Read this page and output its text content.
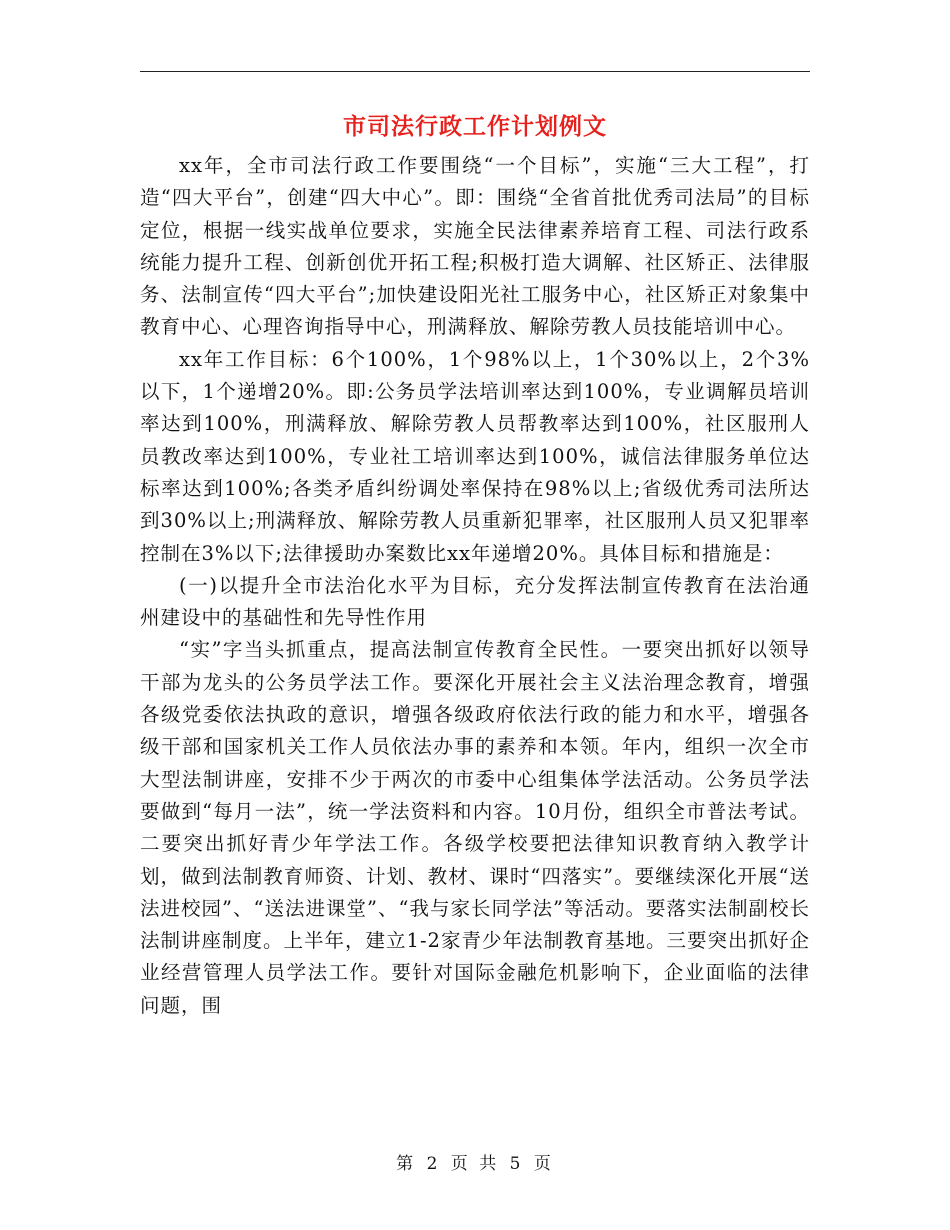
市司法行政工作计划例文

xx年，全市司法行政工作要围绕“一个目标”，实施“三大工程”，打造“四大平台”，创建“四大中心”。即：围绕“全省首批优秀司法局”的目标定位，根据一线实战单位要求，实施全民法律素养培育工程、司法行政系统能力提升工程、创新创优开拓工程;积极打造大调解、社区矫正、法律服务、法制宣传“四大平台”;加快建设阳光社工服务中心，社区矫正对象集中教育中心、心理咨询指导中心，刑满释放、解除劳教人员技能培训中心。

xx年工作目标：6个100%，1个98%以上，1个30%以上，2个3%以下，1个递增20%。即:公务员学法培训率达到100%，专业调解员培训率达到100%，刑满释放、解除劳教人员帮教率达到100%，社区服刑人员教改率达到100%，专业社工培训率达到100%，诚信法律服务单位达标率达到100%;各类矛盾纠纷调处率保持在98%以上;省级优秀司法所达到30%以上;刑满释放、解除劳教人员重新犯罪率，社区服刑人员又犯罪率控制在3%以下;法律援助办案数比xx年递增20%。具体目标和措施是：

(一)以提升全市法治化水平为目标，充分发挥法制宣传教育在法治通州建设中的基础性和先导性作用

“实”字当头抓重点，提高法制宣传教育全民性。一要突出抓好以领导干部为龙头的公务员学法工作。要深化开展社会主义法治理念教育，增强各级党委依法执政的意识，增强各级政府依法行政的能力和水平，增强各级干部和国家机关工作人员依法办事的素养和本领。年内，组织一次全市大型法制讲座，安排不少于两次的市委中心组集体学法活动。公务员学法要做到“每月一法”，统一学法资料和内容。10月份，组织全市普法考试。二要突出抓好青少年学法工作。各级学校要把法律知识教育纳入教学计划，做到法制教育师资、计划、教材、课时“四落实”。要继续深化开展“送法进校园”、“送法进课堂”、“我与家长同学法”等活动。要落实法制副校长法制讲座制度。上半年，建立1-2家青少年法制教育基地。三要突出抓好企业经营管理人员学法工作。要针对国际金融危机影响下，企业面临的法律问题，围

第 2 页 共 5 页
